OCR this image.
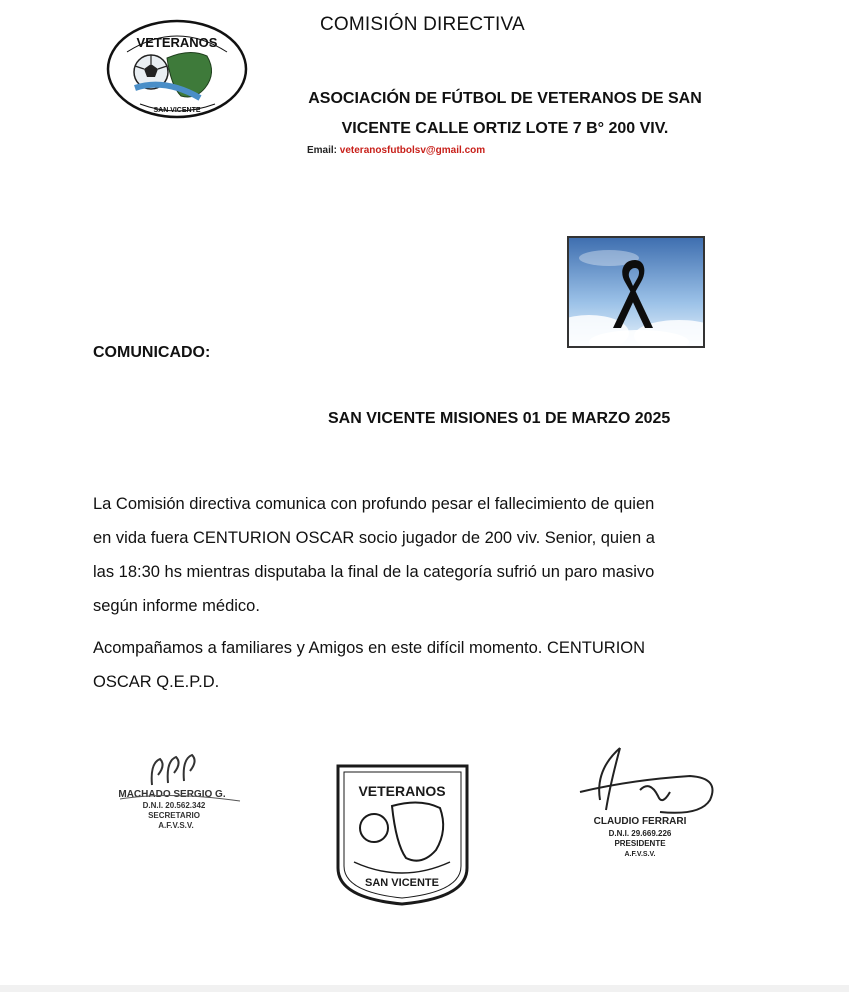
COMISIÓN DIRECTIVA
VETERANOS
SAN VICENTE
ASOCIACIÓN DE FÚTBOL DE VETERANOS DE SAN
VICENTE CALLE ORTIZ LOTE 7 B° 200 VIV.
Email: veteranosfutbolsv@gmail.com
COMUNICADO:
SAN VICENTE MISIONES 01 DE MARZO 2025

La Comisión directiva comunica con profundo pesar el fallecimiento de quien
en vida fuera CENTURION OSCAR socio jugador de 200 viv. Senior, quien a
las 18:30 hs mientras disputaba la final de la categoría sufrió un paro masivo
según informe médico.

Acompañamos a familiares y Amigos en este difícil momento. CENTURION
OSCAR Q.E.P.D.

MACHADO SERGIO G.
D.N.I. 20.562.342
SECRETARIO
A.F.V.S.V.
VETERANOS
SAN VICENTE
CLAUDIO FERRARI
D.N.I. 29.669.226
PRESIDENTE
A.F.V.S.V.
